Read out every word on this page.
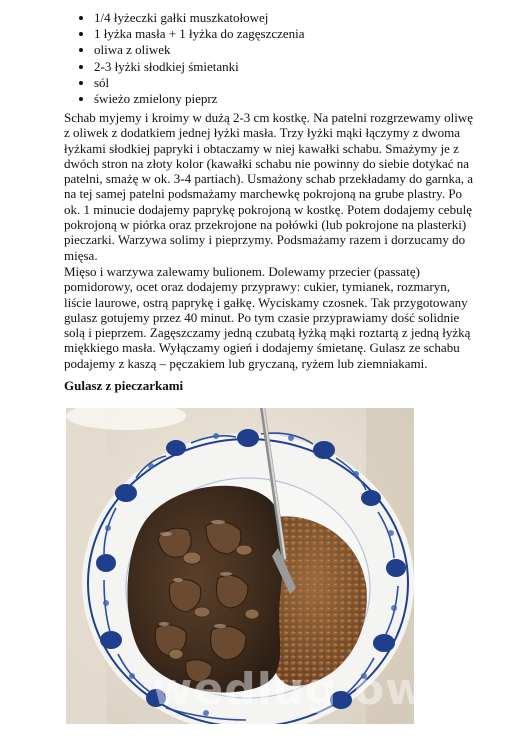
1/4 łyżeczki gałki muszkatołowej
1 łyżka masła + 1 łyżka do zagęszczenia
oliwa z oliwek
2-3 łyżki słodkiej śmietanki
sól
świeżo zmielony pieprz

Schab myjemy i kroimy w dużą 2-3 cm kostkę. Na patelni rozgrzewamy oliwę z oliwek z dodatkiem jednej łyżki masła. Trzy łyżki mąki łączymy z dwoma łyżkami słodkiej papryki i obtaczamy w niej kawałki schabu. Smażymy je z dwóch stron na złoty kolor (kawałki schabu nie powinny do siebie dotykać na patelni, smażę w ok. 3-4 partiach). Usmażony schab przekładamy do garnka, a na tej samej patelni podsmażamy marchewkę pokrojoną na grube plastry. Po ok. 1 minucie dodajemy paprykę pokrojoną w kostkę. Potem dodajemy cebulę pokrojoną w piórka oraz przekrojone na połówki (lub pokrojone na plasterki) pieczarki. Warzywa solimy i pieprzymy. Podsmażamy razem i dorzucamy do mięsa.

Mięso i warzywa zalewamy bulionem. Dolewamy przecier (passatę) pomidorowy, ocet oraz dodajemy przyprawy: cukier, tymianek, rozmaryn, liście laurowe, ostrą paprykę i gałkę. Wyciskamy czosnek. Tak przygotowany gulasz gotujemy przez 40 minut. Po tym czasie przyprawiamy dość solidnie solą i pieprzem. Zagęszczamy jedną czubatą łyżką mąki roztartą z jedną łyżką miękkiego masła. Wyłączamy ogień i dodajemy śmietanę. Gulasz ze schabu podajemy z kaszą – pęczakiem lub gryczaną, ryżem lub ziemniakami.

Gulasz z pieczarkami
wedlug owe.pl
